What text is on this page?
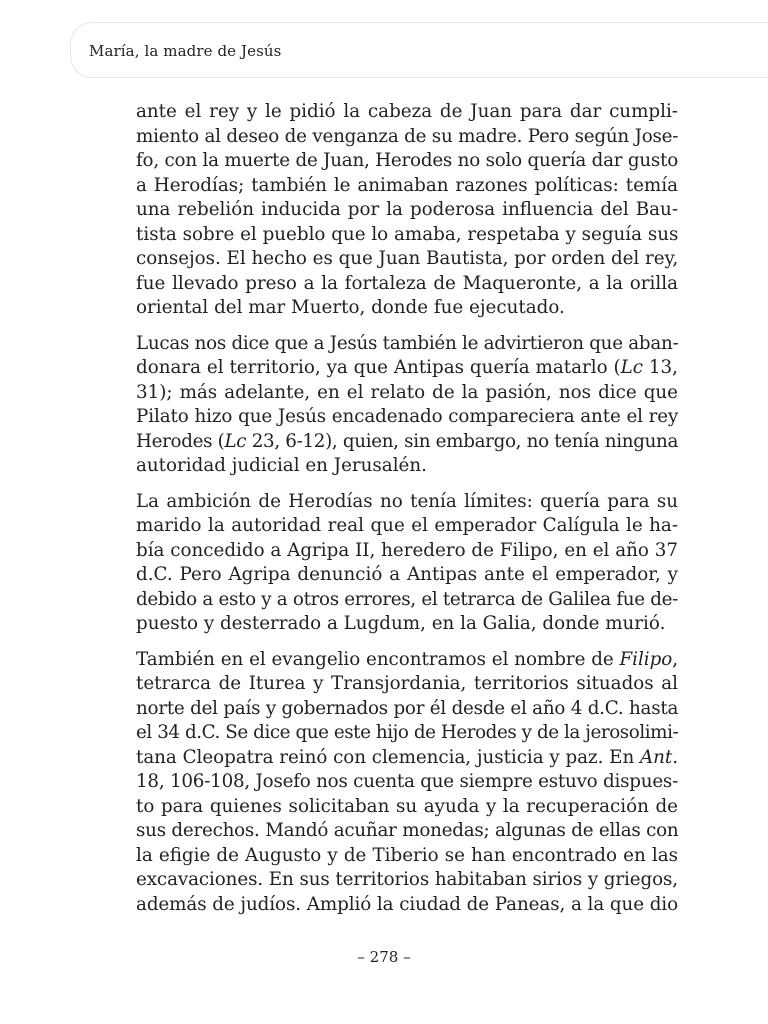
María, la madre de Jesús

ante el rey y le pidió la cabeza de Juan para dar cumpli-
miento al deseo de venganza de su madre. Pero según Jose-
fo, con la muerte de Juan, Herodes no solo quería dar gusto
a Herodías; también le animaban razones políticas: temía
una rebelión inducida por la poderosa influencia del Bau-
tista sobre el pueblo que lo amaba, respetaba y seguía sus
consejos. El hecho es que Juan Bautista, por orden del rey,
fue llevado preso a la fortaleza de Maqueronte, a la orilla
oriental del mar Muerto, donde fue ejecutado.

Lucas nos dice que a Jesús también le advirtieron que aban-
donara el territorio, ya que Antipas quería matarlo (Lc 13,
31); más adelante, en el relato de la pasión, nos dice que
Pilato hizo que Jesús encadenado compareciera ante el rey
Herodes (Lc 23, 6-12), quien, sin embargo, no tenía ninguna
autoridad judicial en Jerusalén.

La ambición de Herodías no tenía límites: quería para su
marido la autoridad real que el emperador Calígula le ha-
bía concedido a Agripa II, heredero de Filipo, en el año 37
d.C. Pero Agripa denunció a Antipas ante el emperador, y
debido a esto y a otros errores, el tetrarca de Galilea fue de-
puesto y desterrado a Lugdum, en la Galia, donde murió.

También en el evangelio encontramos el nombre de Filipo,
tetrarca de Iturea y Transjordania, territorios situados al
norte del país y gobernados por él desde el año 4 d.C. hasta
el 34 d.C. Se dice que este hijo de Herodes y de la jerosolimi-
tana Cleopatra reinó con clemencia, justicia y paz. En Ant.
18, 106-108, Josefo nos cuenta que siempre estuvo dispues-
to para quienes solicitaban su ayuda y la recuperación de
sus derechos. Mandó acuñar monedas; algunas de ellas con
la efigie de Augusto y de Tiberio se han encontrado en las
excavaciones. En sus territorios habitaban sirios y griegos,
además de judíos. Amplió la ciudad de Paneas, a la que dio

– 278 –
